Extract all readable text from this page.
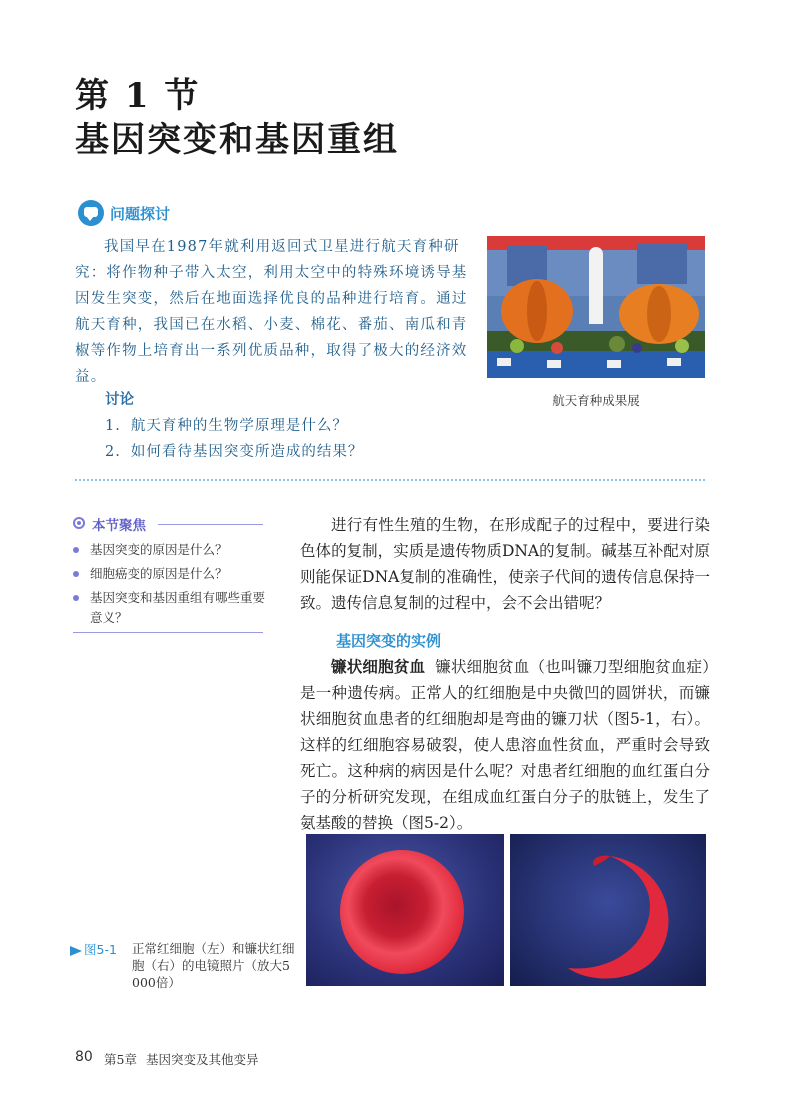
第 1 节
基因突变和基因重组
问题探讨
我国早在1987年就利用返回式卫星进行航天育种研究：将作物种子带入太空，利用太空中的特殊环境诱导基因发生突变，然后在地面选择优良的品种进行培育。通过航天育种，我国已在水稻、小麦、棉花、番茄、南瓜和青椒等作物上培育出一系列优质品种，取得了极大的经济效益。
讨论
1. 航天育种的生物学原理是什么？
2. 如何看待基因突变所造成的结果？
航天育种成果展
本节聚焦
基因突变的原因是什么？
细胞癌变的原因是什么？
基因突变和基因重组有哪些重要意义？
进行有性生殖的生物，在形成配子的过程中，要进行染色体的复制，实质是遗传物质DNA的复制。碱基互补配对原则能保证DNA复制的准确性，使亲子代间的遗传信息保持一致。遗传信息复制的过程中，会不会出错呢？
基因突变的实例
镰状细胞贫血 镰状细胞贫血（也叫镰刀型细胞贫血症）是一种遗传病。正常人的红细胞是中央微凹的圆饼状，而镰状细胞贫血患者的红细胞却是弯曲的镰刀状（图5-1，右）。这样的红细胞容易破裂，使人患溶血性贫血，严重时会导致死亡。这种病的病因是什么呢？对患者红细胞的血红蛋白分子的分析研究发现，在组成血红蛋白分子的肽链上，发生了氨基酸的替换（图5-2）。
图5-1 正常红细胞（左）和镰状红细胞（右）的电镜照片（放大5 000倍）
80 第5章 基因突变及其他变异
